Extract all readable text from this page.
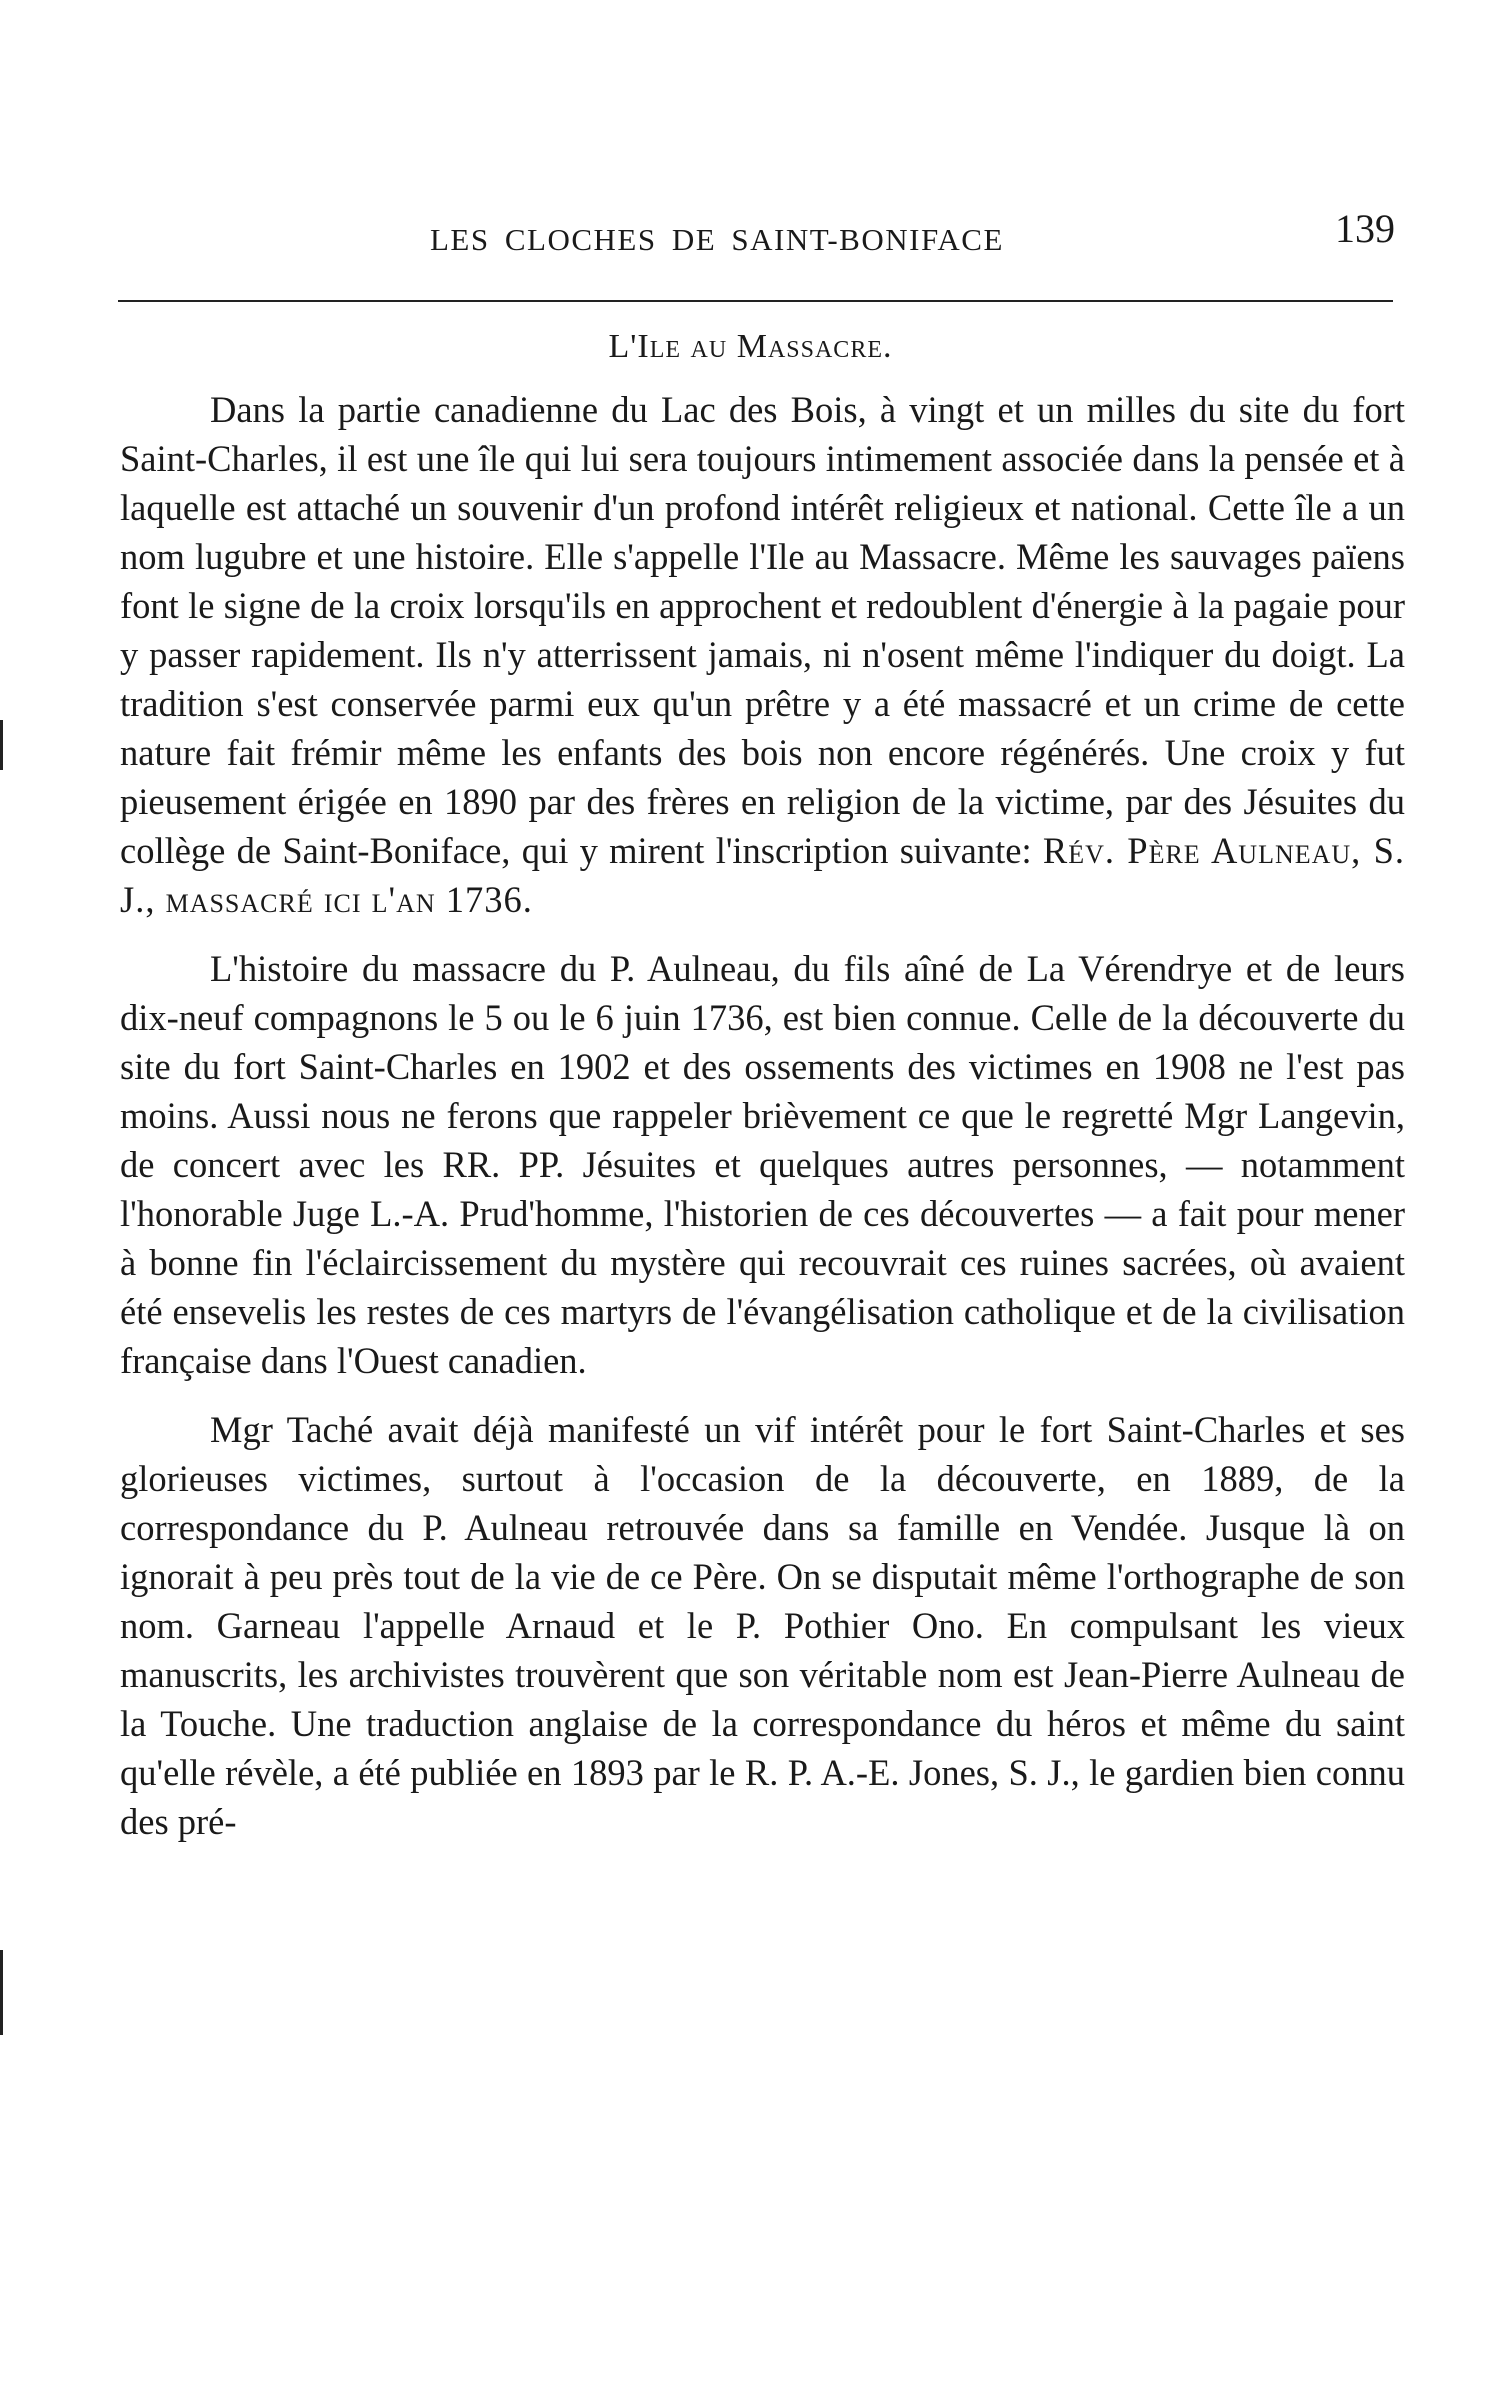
LES CLOCHES DE SAINT-BONIFACE	139
L'Ile au Massacre.

Dans la partie canadienne du Lac des Bois, à vingt et un milles du site du fort Saint-Charles, il est une île qui lui sera toujours intimement associée dans la pensée et à laquelle est attaché un souvenir d'un profond intérêt religieux et national. Cette île a un nom lugubre et une histoire. Elle s'appelle l'Ile au Massacre. Même les sauvages païens font le signe de la croix lorsqu'ils en approchent et redoublent d'énergie à la pagaie pour y passer rapidement. Ils n'y atterrissent jamais, ni n'osent même l'indiquer du doigt. La tradition s'est conservée parmi eux qu'un prêtre y a été massacré et un crime de cette nature fait frémir même les enfants des bois non encore régénérés. Une croix y fut pieusement érigée en 1890 par des frères en religion de la victime, par des Jésuites du collège de Saint-Boniface, qui y mirent l'inscription suivante: Rév. Père Aulneau, S. J., massacré ici l'an 1736.

L'histoire du massacre du P. Aulneau, du fils aîné de La Vérendrye et de leurs dix-neuf compagnons le 5 ou le 6 juin 1736, est bien connue. Celle de la découverte du site du fort Saint-Charles en 1902 et des ossements des victimes en 1908 ne l'est pas moins. Aussi nous ne ferons que rappeler brièvement ce que le regretté Mgr Langevin, de concert avec les RR. PP. Jésuites et quelques autres personnes, — notamment l'honorable Juge L.-A. Prud'homme, l'historien de ces découvertes — a fait pour mener à bonne fin l'éclaircissement du mystère qui recouvrait ces ruines sacrées, où avaient été ensevelis les restes de ces martyrs de l'évangélisation catholique et de la civilisation française dans l'Ouest canadien.

Mgr Taché avait déjà manifesté un vif intérêt pour le fort Saint-Charles et ses glorieuses victimes, surtout à l'occasion de la découverte, en 1889, de la correspondance du P. Aulneau retrouvée dans sa famille en Vendée. Jusque là on ignorait à peu près tout de la vie de ce Père. On se disputait même l'orthographe de son nom. Garneau l'appelle Arnaud et le P. Pothier Ono. En compulsant les vieux manuscrits, les archivistes trouvèrent que son véritable nom est Jean-Pierre Aulneau de la Touche. Une traduction anglaise de la correspondance du héros et même du saint qu'elle révèle, a été publiée en 1893 par le R. P. A.-E. Jones, S. J., le gardien bien connu des pré-
